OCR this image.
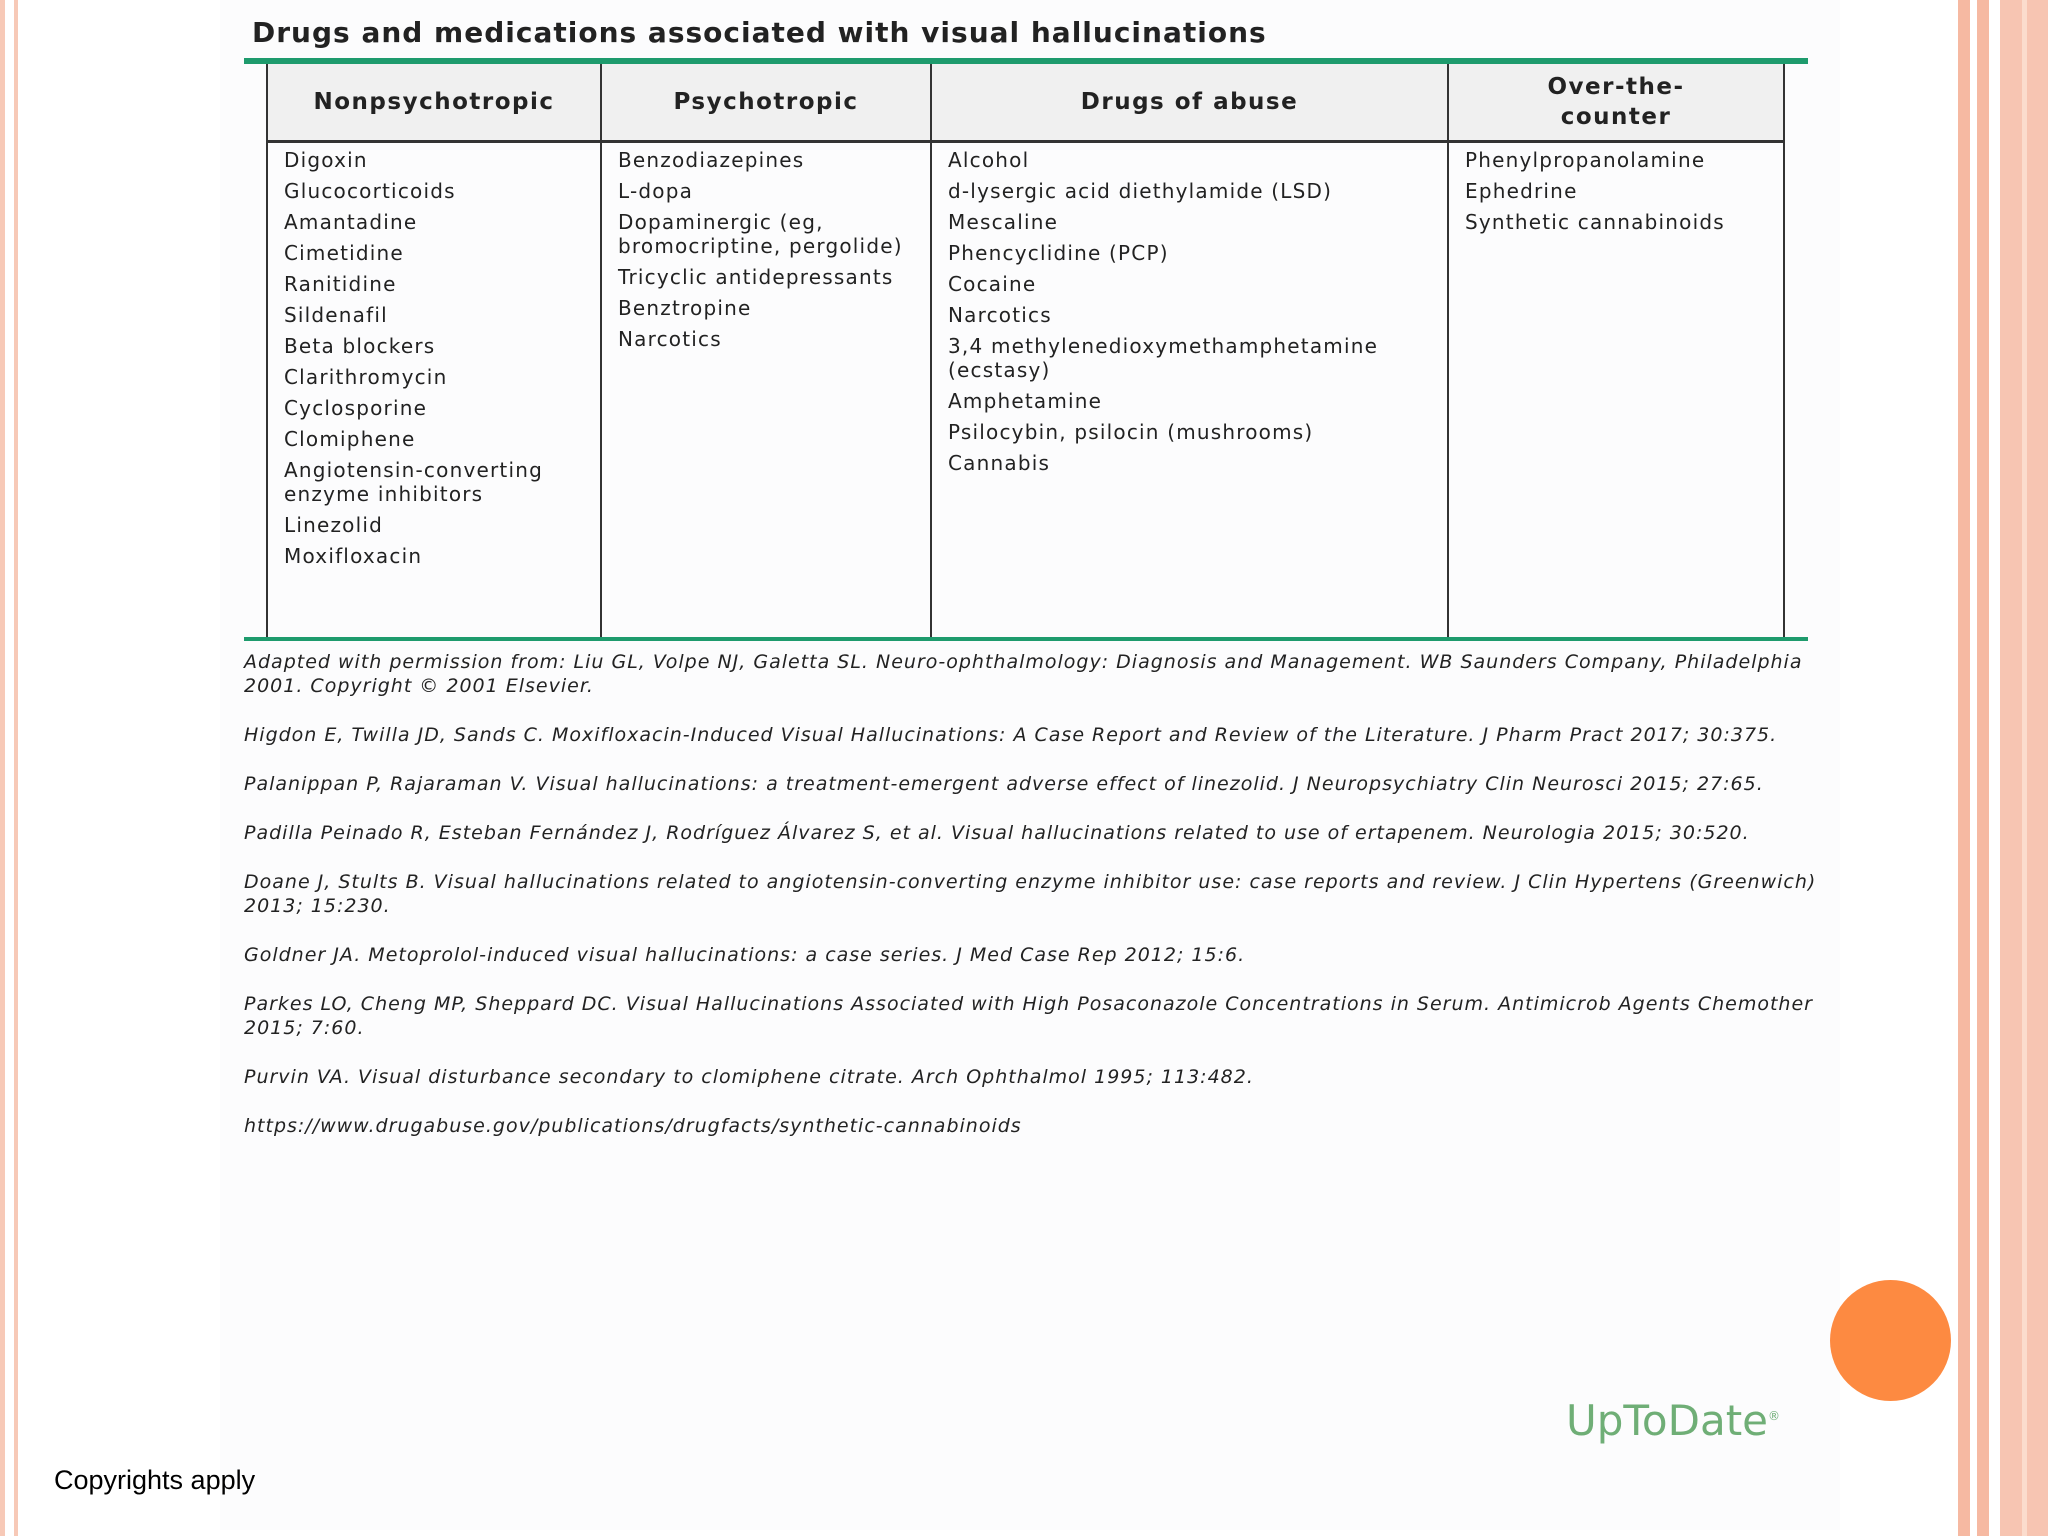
Drugs and medications associated with visual hallucinations
Nonpsychotropic
Digoxin
Glucocorticoids
Amantadine
Cimetidine
Ranitidine
Sildenafil
Beta blockers
Clarithromycin
Cyclosporine
Clomiphene
Angiotensin-converting enzyme inhibitors
Linezolid
Moxifloxacin
Psychotropic
Benzodiazepines
L-dopa
Dopaminergic (eg, bromocriptine, pergolide)
Tricyclic antidepressants
Benztropine
Narcotics
Drugs of abuse
Alcohol
d-lysergic acid diethylamide (LSD)
Mescaline
Phencyclidine (PCP)
Cocaine
Narcotics
3,4 methylenedioxymethamphetamine (ecstasy)
Amphetamine
Psilocybin, psilocin (mushrooms)
Cannabis
Over-the-counter
Phenylpropanolamine
Ephedrine
Synthetic cannabinoids
Adapted with permission from: Liu GL, Volpe NJ, Galetta SL. Neuro-ophthalmology: Diagnosis and Management. WB Saunders Company, Philadelphia 2001. Copyright © 2001 Elsevier.
Higdon E, Twilla JD, Sands C. Moxifloxacin-Induced Visual Hallucinations: A Case Report and Review of the Literature. J Pharm Pract 2017; 30:375.
Palanippan P, Rajaraman V. Visual hallucinations: a treatment-emergent adverse effect of linezolid. J Neuropsychiatry Clin Neurosci 2015; 27:65.
Padilla Peinado R, Esteban Fernández J, Rodríguez Álvarez S, et al. Visual hallucinations related to use of ertapenem. Neurologia 2015; 30:520.
Doane J, Stults B. Visual hallucinations related to angiotensin-converting enzyme inhibitor use: case reports and review. J Clin Hypertens (Greenwich) 2013; 15:230.
Goldner JA. Metoprolol-induced visual hallucinations: a case series. J Med Case Rep 2012; 15:6.
Parkes LO, Cheng MP, Sheppard DC. Visual Hallucinations Associated with High Posaconazole Concentrations in Serum. Antimicrob Agents Chemother 2015; 7:60.
Purvin VA. Visual disturbance secondary to clomiphene citrate. Arch Ophthalmol 1995; 113:482.
https://www.drugabuse.gov/publications/drugfacts/synthetic-cannabinoids
UpToDate®
Copyrights apply
